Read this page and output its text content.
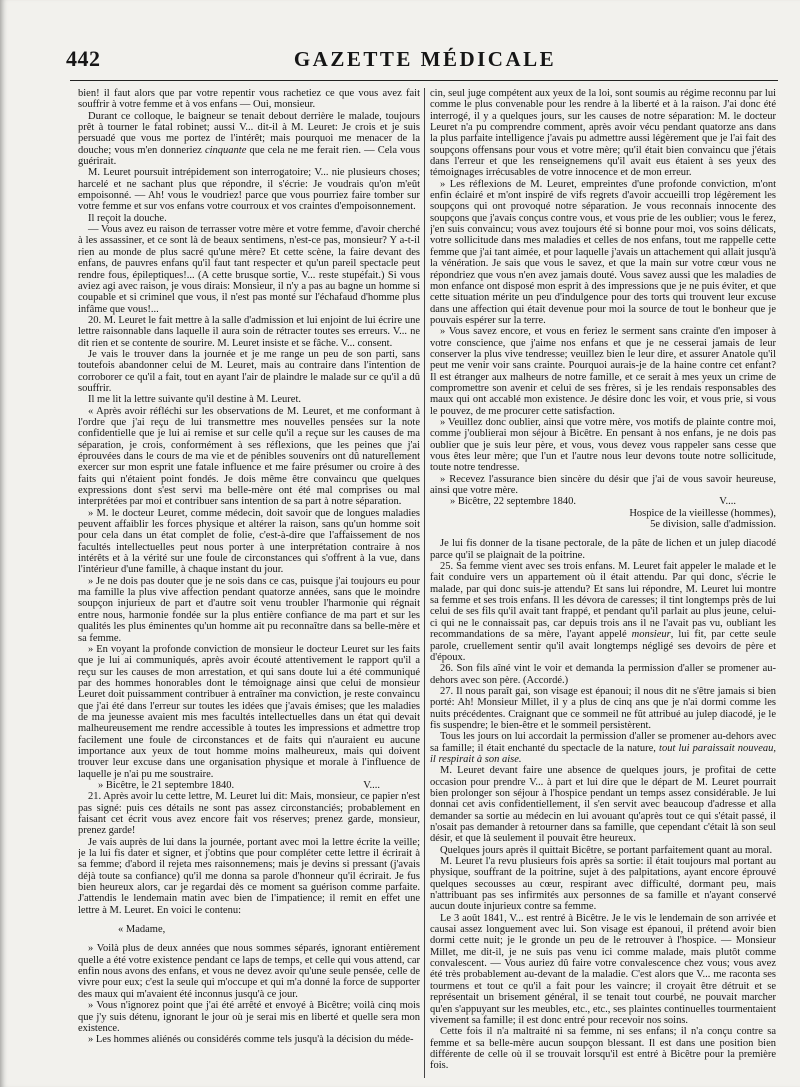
442	GAZETTE MÉDICALE

bien! il faut alors que par votre repentir vous rachetiez ce que vous avez fait souffrir à votre femme et à vos enfans — Oui, monsieur.

Durant ce colloque, le baigneur se tenait debout derrière le malade, toujours prêt à tourner le fatal robinet; aussi V... dit-il à M. Leuret: Je crois et je suis persuadé que vous me portez de l'intérêt; mais pourquoi me menacer de la douche; vous m'en donneriez cinquante que cela ne me ferait rien. — Cela vous guérirait.

M. Leuret poursuit intrépidement son interrogatoire; V... nie plusieurs choses; harcelé et ne sachant plus que répondre, il s'écrie: Je voudrais qu'on m'eût empoisonné. — Ah! vous le voudriez! parce que vous pourriez faire tomber sur votre femme et sur vos enfans votre courroux et vos craintes d'empoisonnement.

Il reçoit la douche.

— Vous avez eu raison de terrasser votre mère et votre femme, d'avoir cherché à les assassiner, et ce sont là de beaux sentimens, n'est-ce pas, monsieur? Y a-t-il rien au monde de plus sacré qu'une mère? Et cette scène, la faire devant des enfans, de pauvres enfans qu'il faut tant respecter et qu'un pareil spectacle peut rendre fous, épileptiques!... (A cette brusque sortie, V... reste stupéfait.) Si vous aviez agi avec raison, je vous dirais: Monsieur, il n'y a pas au bagne un homme si coupable et si criminel que vous, il n'est pas monté sur l'échafaud d'homme plus infâme que vous!...

20. M. Leuret le fait mettre à la salle d'admission et lui enjoint de lui écrire une lettre raisonnable dans laquelle il aura soin de rétracter toutes ses erreurs. V... ne dit rien et se contente de sourire. M. Leuret insiste et se fâche. V... consent.

Je vais le trouver dans la journée et je me range un peu de son parti, sans toutefois abandonner celui de M. Leuret, mais au contraire dans l'intention de corroborer ce qu'il a fait, tout en ayant l'air de plaindre le malade sur ce qu'il a dû souffrir.

Il me lit la lettre suivante qu'il destine à M. Leuret.

« Après avoir réfléchi sur les observations de M. Leuret, et me conformant à l'ordre que j'ai reçu de lui transmettre mes nouvelles pensées sur la note confidentielle que je lui ai remise et sur celle qu'il a reçue sur les causes de ma séparation, je crois, conformément à ses réflexions, que les peines que j'ai éprouvées dans le cours de ma vie et de pénibles souvenirs ont dû naturellement exercer sur mon esprit une fatale influence et me faire présumer ou croire à des faits qui n'étaient point fondés. Je dois même être convaincu que quelques expressions dont s'est servi ma belle-mère ont été mal comprises ou mal interprétées par moi et contribuer sans intention de sa part à notre séparation.

» M. le docteur Leuret, comme médecin, doit savoir que de longues maladies peuvent affaiblir les forces physique et altérer la raison, sans qu'un homme soit pour cela dans un état complet de folie, c'est-à-dire que l'affaissement de nos facultés intellectuelles peut nous porter à une interprétation contraire à nos intérêts et à la vérité sur une foule de circonstances qui s'offrent à la vue, dans l'intérieur d'une famille, à chaque instant du jour.

» Je ne dois pas douter que je ne sois dans ce cas, puisque j'ai toujours eu pour ma famille la plus vive affection pendant quatorze années, sans que le moindre soupçon injurieux de part et d'autre soit venu troubler l'harmonie qui régnait entre nous, harmonie fondée sur la plus entière confiance de ma part et sur les qualités les plus éminentes qu'un homme ait pu reconnaître dans sa belle-mère et sa femme.

» En voyant la profonde conviction de monsieur le docteur Leuret sur les faits que je lui ai communiqués, après avoir écouté attentivement le rapport qu'il a reçu sur les causes de mon arrestation, et qui sans doute lui a été communiqué par des hommes honorables dont le témoignage ainsi que celui de monsieur Leuret doit puissamment contribuer à entraîner ma conviction, je reste convaincu que j'ai été dans l'erreur sur toutes les idées que j'avais émises; que les maladies de ma jeunesse avaient mis mes facultés intellectuelles dans un état qui devait malheureusement me rendre accessible à toutes les impressions et admettre trop facilement une foule de circonstances et de faits qui n'auraient eu aucune importance aux yeux de tout homme moins malheureux, mais qui doivent trouver leur excuse dans une organisation physique et morale à l'influence de laquelle je n'ai pu me soustraire.

» Bicêtre, le 21 septembre 1840.	V....

21. Après avoir lu cette lettre, M. Leuret lui dit: Mais, monsieur, ce papier n'est pas signé: puis ces détails ne sont pas assez circonstanciés; probablement en faisant cet écrit vous avez encore fait vos réserves; prenez garde, monsieur, prenez garde!

Je vais auprès de lui dans la journée, portant avec moi la lettre écrite la veille; je la lui fis dater et signer, et j'obtins que pour compléter cette lettre il écrirait à sa femme; d'abord il rejeta mes raisonnemens; mais je devins si pressant (j'avais déjà toute sa confiance) qu'il me donna sa parole d'honneur qu'il écrirait. Je fus bien heureux alors, car je regardai dès ce moment sa guérison comme parfaite. J'attendis le lendemain matin avec bien de l'impatience; il remit en effet une lettre à M. Leuret. En voici le contenu:

« Madame,

» Voilà plus de deux années que nous sommes séparés, ignorant entièrement quelle a été votre existence pendant ce laps de temps, et celle qui vous attend, car enfin nous avons des enfans, et vous ne devez avoir qu'une seule pensée, celle de vivre pour eux; c'est la seule qui m'occupe et qui m'a donné la force de supporter des maux qui m'avaient été inconnus jusqu'à ce jour.

» Vous n'ignorez point que j'ai été arrêté et envoyé à Bicêtre; voilà cinq mois que j'y suis détenu, ignorant le jour où je serai mis en liberté et quelle sera mon existence.

» Les hommes aliénés ou considérés comme tels jusqu'à la décision du méde-

cin, seul juge compétent aux yeux de la loi, sont soumis au régime reconnu par lui comme le plus convenable pour les rendre à la liberté et à la raison. J'ai donc été interrogé, il y a quelques jours, sur les causes de notre séparation: M. le docteur Leuret n'a pu comprendre comment, après avoir vécu pendant quatorze ans dans la plus parfaite intelligence j'avais pu admettre aussi légèrement que je l'ai fait des soupçons offensans pour vous et votre mère; qu'il était bien convaincu que j'étais dans l'erreur et que les renseignemens qu'il avait eus étaient à ses yeux des témoignages irrécusables de votre innocence et de mon erreur.

» Les réflexions de M. Leuret, empreintes d'une profonde conviction, m'ont enfin éclairé et m'ont inspiré de vifs regrets d'avoir accueilli trop légèrement les soupçons qui ont provoqué notre séparation. Je vous reconnais innocente des soupçons que j'avais conçus contre vous, et vous prie de les oublier; vous le ferez, j'en suis convaincu; vous avez toujours été si bonne pour moi, vos soins délicats, votre sollicitude dans mes maladies et celles de nos enfans, tout me rappelle cette femme que j'ai tant aimée, et pour laquelle j'avais un attachement qui allait jusqu'à la vénération. Je sais que vous le savez, et que la main sur votre cœur vous ne répondriez que vous n'en avez jamais douté. Vous savez aussi que les maladies de mon enfance ont disposé mon esprit à des impressions que je ne puis éviter, et que cette situation mérite un peu d'indulgence pour des torts qui trouvent leur excuse dans une affection qui était devenue pour moi la source de tout le bonheur que je pouvais espérer sur la terre.

» Vous savez encore, et vous en feriez le serment sans crainte d'en imposer à votre conscience, que j'aime nos enfans et que je ne cesserai jamais de leur conserver la plus vive tendresse; veuillez bien le leur dire, et assurer Anatole qu'il peut me venir voir sans crainte. Pourquoi aurais-je de la haine contre cet enfant? Il est étranger aux malheurs de notre famille, et ce serait à mes yeux un crime de compromettre son avenir et celui de ses frères, si je les rendais responsables des maux qui ont accablé mon existence. Je désire donc les voir, et vous prie, si vous le pouvez, de me procurer cette satisfaction.

» Veuillez donc oublier, ainsi que votre mère, vos motifs de plainte contre moi, comme j'oublierai mon séjour à Bicêtre. En pensant à nos enfans, je ne dois pas oublier que je suis leur père, et vous, vous devez vous rappeler sans cesse que vous êtes leur mère; que l'un et l'autre nous leur devons toute notre sollicitude, toute notre tendresse.

» Recevez l'assurance bien sincère du désir que j'ai de vous savoir heureuse, ainsi que votre mère.

» Bicêtre, 22 septembre 1840.	V....

Hospice de la vieillesse (hommes),

5e division, salle d'admission.

Je lui fis donner de la tisane pectorale, de la pâte de lichen et un julep diacodé parce qu'il se plaignait de la poitrine.

25. Sa femme vient avec ses trois enfans. M. Leuret fait appeler le malade et le fait conduire vers un appartement où il était attendu. Par qui donc, s'écrie le malade, par qui donc suis-je attendu? Et sans lui répondre, M. Leuret lui montre sa femme et ses trois enfans. Il les dévora de caresses; il tint longtemps près de lui celui de ses fils qu'il avait tant frappé, et pendant qu'il parlait au plus jeune, celui-ci qui ne le connaissait pas, car depuis trois ans il ne l'avait pas vu, oubliant les recommandations de sa mère, l'ayant appelé monsieur, lui fit, par cette seule parole, cruellement sentir qu'il avait longtemps négligé ses devoirs de père et d'époux.

26. Son fils aîné vint le voir et demanda la permission d'aller se promener au-dehors avec son père. (Accordé.)

27. Il nous paraît gai, son visage est épanoui; il nous dit ne s'être jamais si bien porté: Ah! Monsieur Millet, il y a plus de cinq ans que je n'ai dormi comme les nuits précédentes. Craignant que ce sommeil ne fût attribué au julep diacodé, je le fis suspendre; le bien-être et le sommeil persistèrent.

Tous les jours on lui accordait la permission d'aller se promener au-dehors avec sa famille; il était enchanté du spectacle de la nature, tout lui paraissait nouveau, il respirait à son aise.

M. Leuret devant faire une absence de quelques jours, je profitai de cette occasion pour prendre V... à part et lui dire que le départ de M. Leuret pourrait bien prolonger son séjour à l'hospice pendant un temps assez considérable. Je lui donnai cet avis confidentiellement, il s'en servit avec beaucoup d'adresse et alla demander sa sortie au médecin en lui avouant qu'après tout ce qui s'était passé, il n'osait pas demander à retourner dans sa famille, que cependant c'était là son seul désir, et que là seulement il pouvait être heureux.

Quelques jours après il quittait Bicêtre, se portant parfaitement quant au moral.

M. Leuret l'a revu plusieurs fois après sa sortie: il était toujours mal portant au physique, souffrant de la poitrine, sujet à des palpitations, ayant encore éprouvé quelques secousses au cœur, respirant avec difficulté, dormant peu, mais n'attribuant pas ses infirmités aux personnes de sa famille et n'ayant conservé aucun doute injurieux contre sa femme.

Le 3 août 1841, V... est rentré à Bicêtre. Je le vis le lendemain de son arrivée et causai assez longuement avec lui. Son visage est épanoui, il prétend avoir bien dormi cette nuit; je le gronde un peu de le retrouver à l'hospice. — Monsieur Millet, me dit-il, je ne suis pas venu ici comme malade, mais plutôt comme convalescent. — Vous auriez dû faire votre convalescence chez vous; vous avez été très probablement au-devant de la maladie. C'est alors que V... me raconta ses tourmens et tout ce qu'il a fait pour les vaincre; il croyait être détruit et se représentait un brisement général, il se tenait tout courbé, ne pouvait marcher qu'en s'appuyant sur les meubles, etc., etc., ses plaintes continuelles tourmentaient vivement sa famille; il est donc entré pour recevoir nos soins.

Cette fois il n'a maltraité ni sa femme, ni ses enfans; il n'a conçu contre sa femme et sa belle-mère aucun soupçon blessant. Il est dans une position bien différente de celle où il se trouvait lorsqu'il est entré à Bicêtre pour la première fois.
